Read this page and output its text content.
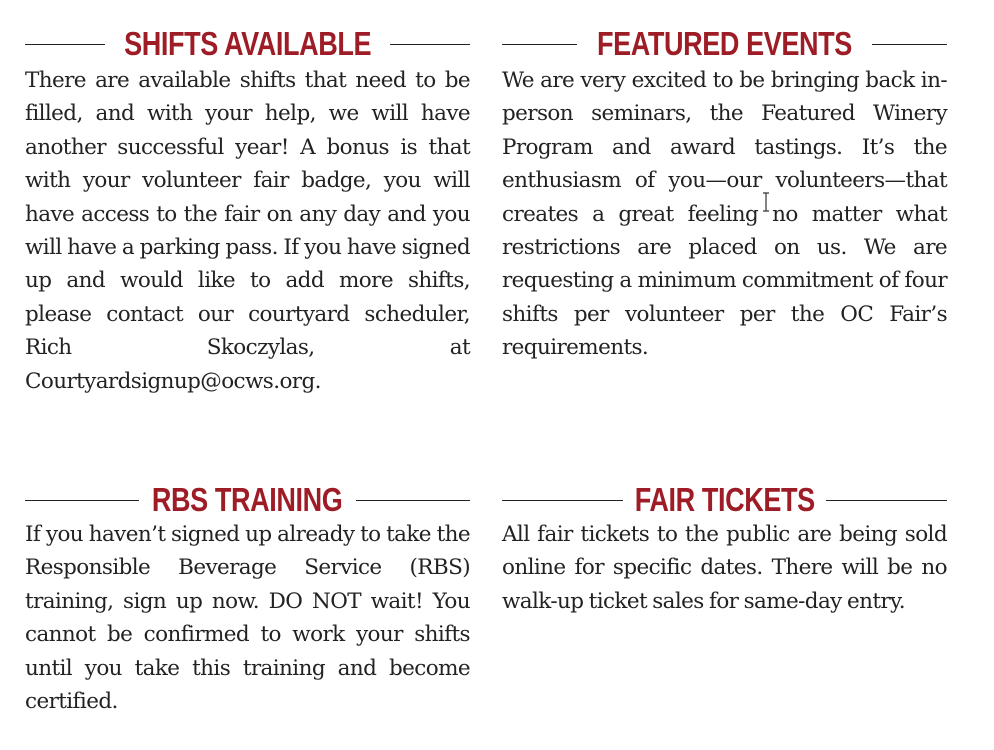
SHIFTS AVAILABLE

There are available shifts that need to be filled, and with your help, we will have another successful year! A bonus is that with your volunteer fair badge, you will have access to the fair on any day and you will have a parking pass. If you have signed up and would like to add more shifts, please contact our courtyard scheduler, Rich Skoczylas, at Courtyardsignup@ocws.org.

FEATURED EVENTS

We are very excited to be bringing back in-person seminars, the Featured Winery Program and award tastings. It’s the enthusiasm of you—our volunteers—that creates a great feeling no matter what restrictions are placed on us. We are requesting a minimum commitment of four shifts per volunteer per the OC Fair’s requirements.

RBS TRAINING

If you haven’t signed up already to take the Responsible Beverage Service (RBS) training, sign up now. DO NOT wait! You cannot be confirmed to work your shifts until you take this training and become certified.

FAIR TICKETS

All fair tickets to the public are being sold online for specific dates. There will be no walk-up ticket sales for same-day entry.
